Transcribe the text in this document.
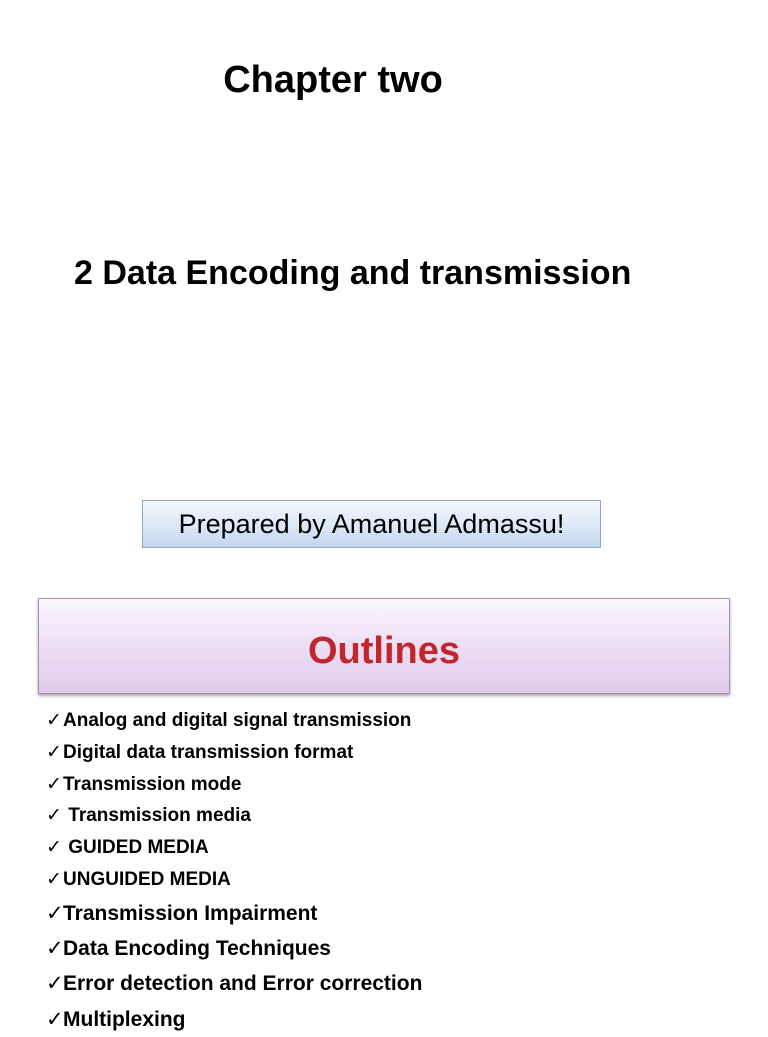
Chapter two
2 Data Encoding and transmission
Prepared by Amanuel Admassu!
Outlines
✓Analog and digital signal transmission
✓Digital data transmission format
✓Transmission mode
✓ Transmission media
✓ GUIDED MEDIA
✓UNGUIDED MEDIA
✓Transmission Impairment
✓Data Encoding Techniques
✓Error detection and Error correction
✓Multiplexing
